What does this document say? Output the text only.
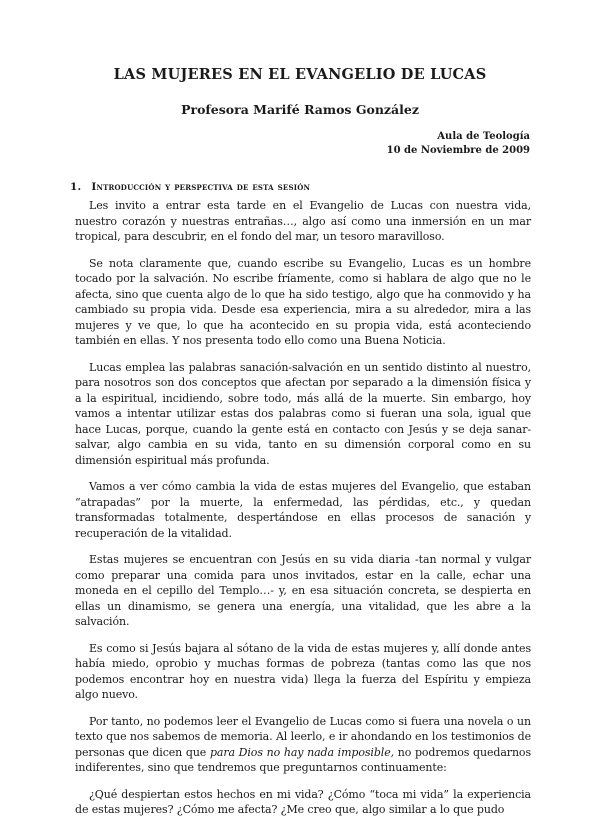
LAS MUJERES EN EL EVANGELIO DE LUCAS
Profesora Marifé Ramos González
Aula de Teología
10 de Noviembre de 2009
1. Introducción y perspectiva de esta sesión

Les invito a entrar esta tarde en el Evangelio de Lucas con nuestra vida, nuestro corazón y nuestras entrañas…, algo así como una inmersión en un mar tropical, para descubrir, en el fondo del mar, un tesoro maravilloso.

Se nota claramente que, cuando escribe su Evangelio, Lucas es un hombre tocado por la salvación. No escribe fríamente, como si hablara de algo que no le afecta, sino que cuenta algo de lo que ha sido testigo, algo que ha conmovido y ha cambiado su propia vida. Desde esa experiencia, mira a su alrededor, mira a las mujeres y ve que, lo que ha acontecido en su propia vida, está aconteciendo también en ellas. Y nos presenta todo ello como una Buena Noticia.

Lucas emplea las palabras sanación-salvación en un sentido distinto al nuestro, para nosotros son dos conceptos que afectan por separado a la dimensión física y a la espiritual, incidiendo, sobre todo, más allá de la muerte. Sin embargo, hoy vamos a intentar utilizar estas dos palabras como si fueran una sola, igual que hace Lucas, porque, cuando la gente está en contacto con Jesús y se deja sanar-salvar, algo cambia en su vida, tanto en su dimensión corporal como en su dimensión espiritual más profunda.

Vamos a ver cómo cambia la vida de estas mujeres del Evangelio, que estaban “atrapadas” por la muerte, la enfermedad, las pérdidas, etc., y quedan transformadas totalmente, despertándose en ellas procesos de sanación y recuperación de la vitalidad.

Estas mujeres se encuentran con Jesús en su vida diaria -tan normal y vulgar como preparar una comida para unos invitados, estar en la calle, echar una moneda en el cepillo del Templo…- y, en esa situación concreta, se despierta en ellas un dinamismo, se genera una energía, una vitalidad, que les abre a la salvación.

Es como si Jesús bajara al sótano de la vida de estas mujeres y, allí donde antes había miedo, oprobio y muchas formas de pobreza (tantas como las que nos podemos encontrar hoy en nuestra vida) llega la fuerza del Espíritu y empieza algo nuevo.

Por tanto, no podemos leer el Evangelio de Lucas como si fuera una novela o un texto que nos sabemos de memoria. Al leerlo, e ir ahondando en los testimonios de personas que dicen que para Dios no hay nada imposible, no podremos quedarnos indiferentes, sino que tendremos que preguntarnos continuamente:

¿Qué despiertan estos hechos en mi vida? ¿Cómo “toca mi vida” la experiencia de estas mujeres? ¿Cómo me afecta? ¿Me creo que, algo similar a lo que pudo
